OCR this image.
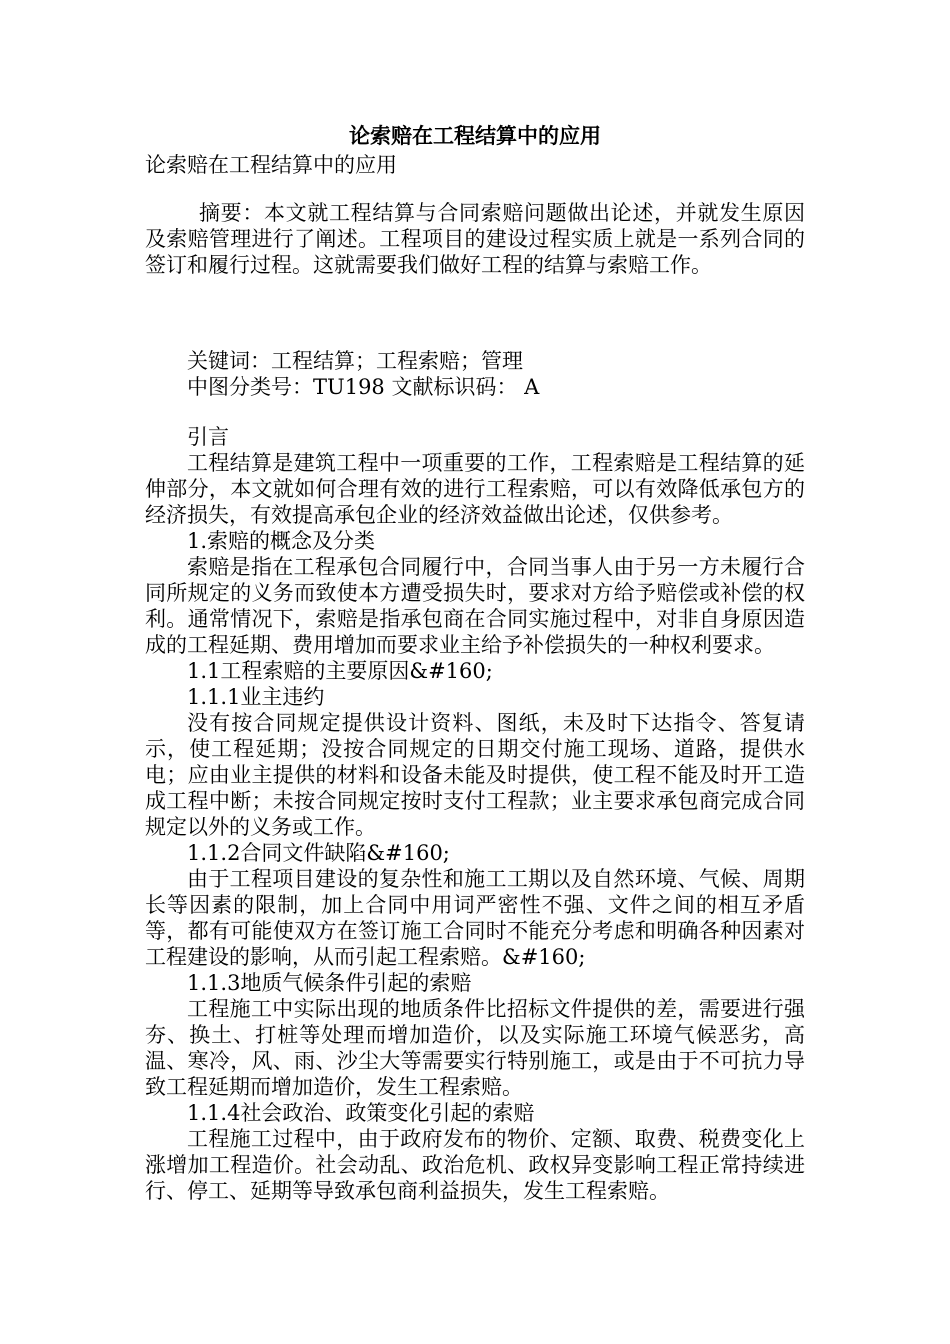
论索赔在工程结算中的应用
论索赔在工程结算中的应用

摘要：本文就工程结算与合同索赔问题做出论述，并就发生原因及索赔管理进行了阐述。工程项目的建设过程实质上就是一系列合同的签订和履行过程。这就需要我们做好工程的结算与索赔工作。

关键词：工程结算；工程索赔；管理

中图分类号：TU198 文献标识码： A

引言

工程结算是建筑工程中一项重要的工作，工程索赔是工程结算的延伸部分，本文就如何合理有效的进行工程索赔，可以有效降低承包方的经济损失，有效提高承包企业的经济效益做出论述，仅供参考。

1.索赔的概念及分类

索赔是指在工程承包合同履行中，合同当事人由于另一方未履行合同所规定的义务而致使本方遭受损失时，要求对方给予赔偿或补偿的权利。通常情况下，索赔是指承包商在合同实施过程中，对非自身原因造成的工程延期、费用增加而要求业主给予补偿损失的一种权利要求。

1.1工程索赔的主要原因&#160;

1.1.1业主违约

没有按合同规定提供设计资料、图纸，未及时下达指令、答复请示，使工程延期；没按合同规定的日期交付施工现场、道路，提供水电；应由业主提供的材料和设备未能及时提供，使工程不能及时开工造成工程中断；未按合同规定按时支付工程款；业主要求承包商完成合同规定以外的义务或工作。

1.1.2合同文件缺陷&#160;

由于工程项目建设的复杂性和施工工期以及自然环境、气候、周期长等因素的限制，加上合同中用词严密性不强、文件之间的相互矛盾等，都有可能使双方在签订施工合同时不能充分考虑和明确各种因素对工程建设的影响，从而引起工程索赔。&#160;

1.1.3地质气候条件引起的索赔

工程施工中实际出现的地质条件比招标文件提供的差，需要进行强夯、换土、打桩等处理而增加造价，以及实际施工环境气候恶劣，高温、寒冷，风、雨、沙尘大等需要实行特别施工，或是由于不可抗力导致工程延期而增加造价，发生工程索赔。

1.1.4社会政治、政策变化引起的索赔

工程施工过程中，由于政府发布的物价、定额、取费、税费变化上涨增加工程造价。社会动乱、政治危机、政权异变影响工程正常持续进行、停工、延期等导致承包商利益损失，发生工程索赔。
